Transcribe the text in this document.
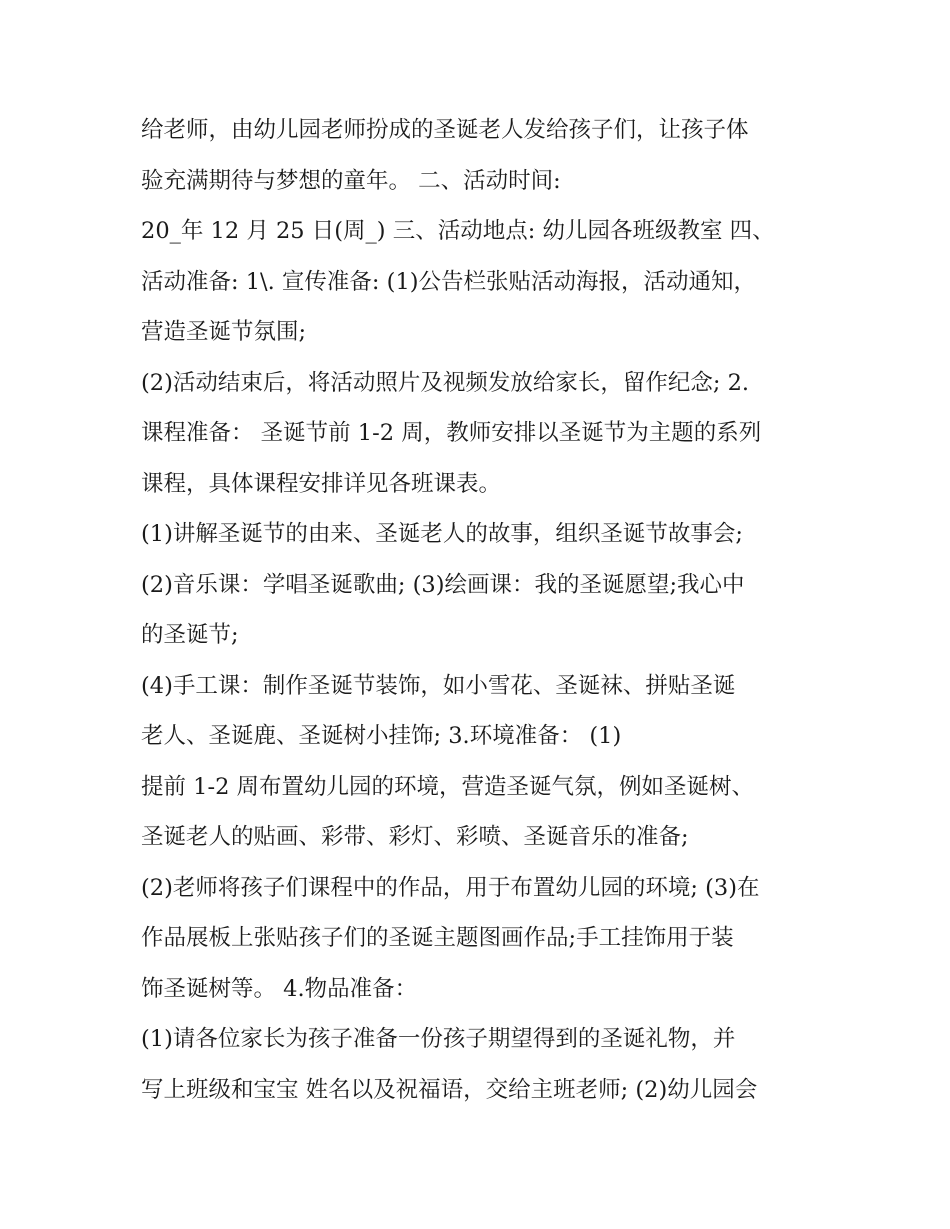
给老师，由幼儿园老师扮成的圣诞老人发给孩子们，让孩子体
验充满期待与梦想的童年。 二、活动时间:
20_年 12 月 25 日(周_) 三、活动地点: 幼儿园各班级教室 四、
活动准备: 1\. 宣传准备: (1)公告栏张贴活动海报，活动通知，
营造圣诞节氛围;
(2)活动结束后，将活动照片及视频发放给家长，留作纪念; 2.
课程准备： 圣诞节前 1-2 周，教师安排以圣诞节为主题的系列
课程，具体课程安排详见各班课表。
(1)讲解圣诞节的由来、圣诞老人的故事，组织圣诞节故事会;
(2)音乐课：学唱圣诞歌曲; (3)绘画课：我的圣诞愿望;我心中
的圣诞节;
(4)手工课：制作圣诞节装饰，如小雪花、圣诞袜、拼贴圣诞
老人、圣诞鹿、圣诞树小挂饰; 3.环境准备： (1)
提前 1-2 周布置幼儿园的环境，营造圣诞气氛，例如圣诞树、
圣诞老人的贴画、彩带、彩灯、彩喷、圣诞音乐的准备;
(2)老师将孩子们课程中的作品，用于布置幼儿园的环境; (3)在
作品展板上张贴孩子们的圣诞主题图画作品;手工挂饰用于装
饰圣诞树等。 4.物品准备：
(1)请各位家长为孩子准备一份孩子期望得到的圣诞礼物，并
写上班级和宝宝 姓名以及祝福语，交给主班老师; (2)幼儿园会
